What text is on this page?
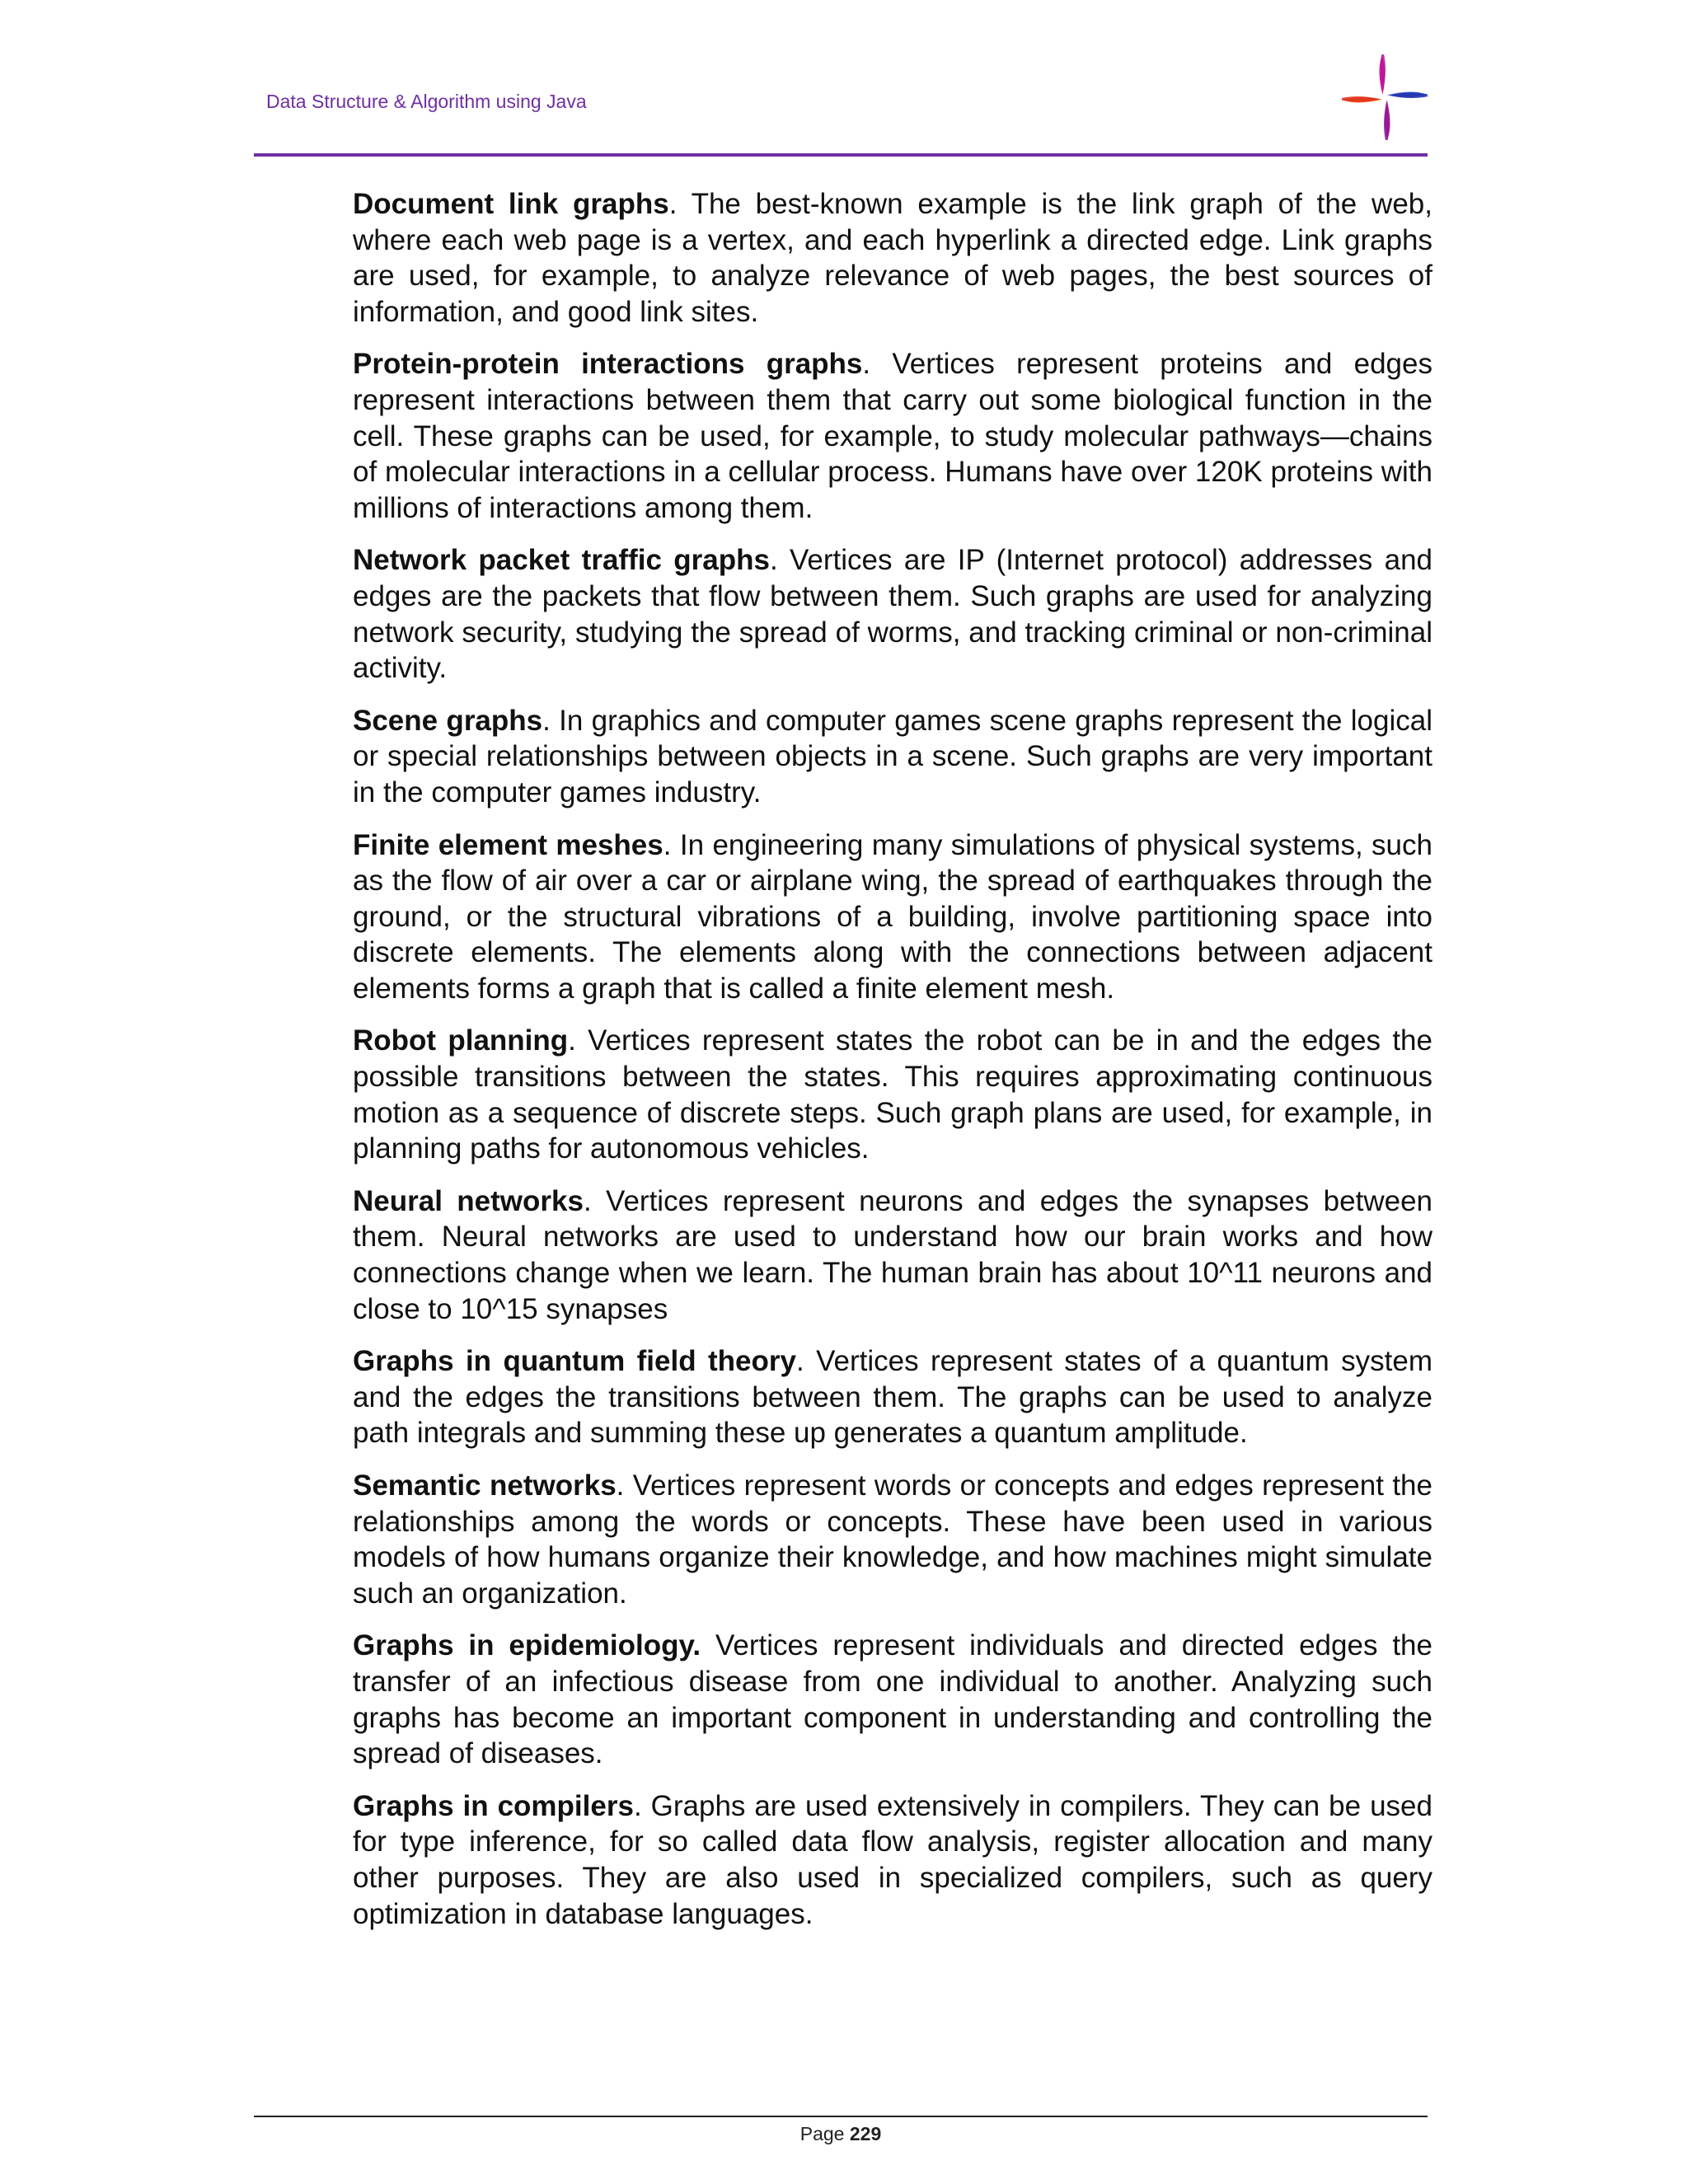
Data Structure & Algorithm using Java

Document link graphs. The best-known example is the link graph of the web, where each web page is a vertex, and each hyperlink a directed edge. Link graphs are used, for example, to analyze relevance of web pages, the best sources of information, and good link sites.

Protein-protein interactions graphs. Vertices represent proteins and edges represent interactions between them that carry out some biological function in the cell. These graphs can be used, for example, to study molecular pathways—chains of molecular interactions in a cellular process. Humans have over 120K proteins with millions of interactions among them.

Network packet traffic graphs. Vertices are IP (Internet protocol) addresses and edges are the packets that flow between them. Such graphs are used for analyzing network security, studying the spread of worms, and tracking criminal or non-criminal activity.

Scene graphs. In graphics and computer games scene graphs represent the logical or special relationships between objects in a scene. Such graphs are very important in the computer games industry.

Finite element meshes. In engineering many simulations of physical systems, such as the flow of air over a car or airplane wing, the spread of earthquakes through the ground, or the structural vibrations of a building, involve partitioning space into discrete elements. The elements along with the connections between adjacent elements forms a graph that is called a finite element mesh.

Robot planning. Vertices represent states the robot can be in and the edges the possible transitions between the states. This requires approximating continuous motion as a sequence of discrete steps. Such graph plans are used, for example, in planning paths for autonomous vehicles.

Neural networks. Vertices represent neurons and edges the synapses between them. Neural networks are used to understand how our brain works and how connections change when we learn. The human brain has about 10^11 neurons and close to 10^15 synapses

Graphs in quantum field theory. Vertices represent states of a quantum system and the edges the transitions between them. The graphs can be used to analyze path integrals and summing these up generates a quantum amplitude.

Semantic networks. Vertices represent words or concepts and edges represent the relationships among the words or concepts. These have been used in various models of how humans organize their knowledge, and how machines might simulate such an organization.

Graphs in epidemiology. Vertices represent individuals and directed edges the transfer of an infectious disease from one individual to another. Analyzing such graphs has become an important component in understanding and controlling the spread of diseases.

Graphs in compilers. Graphs are used extensively in compilers. They can be used for type inference, for so called data flow analysis, register allocation and many other purposes. They are also used in specialized compilers, such as query optimization in database languages.

Page 229
